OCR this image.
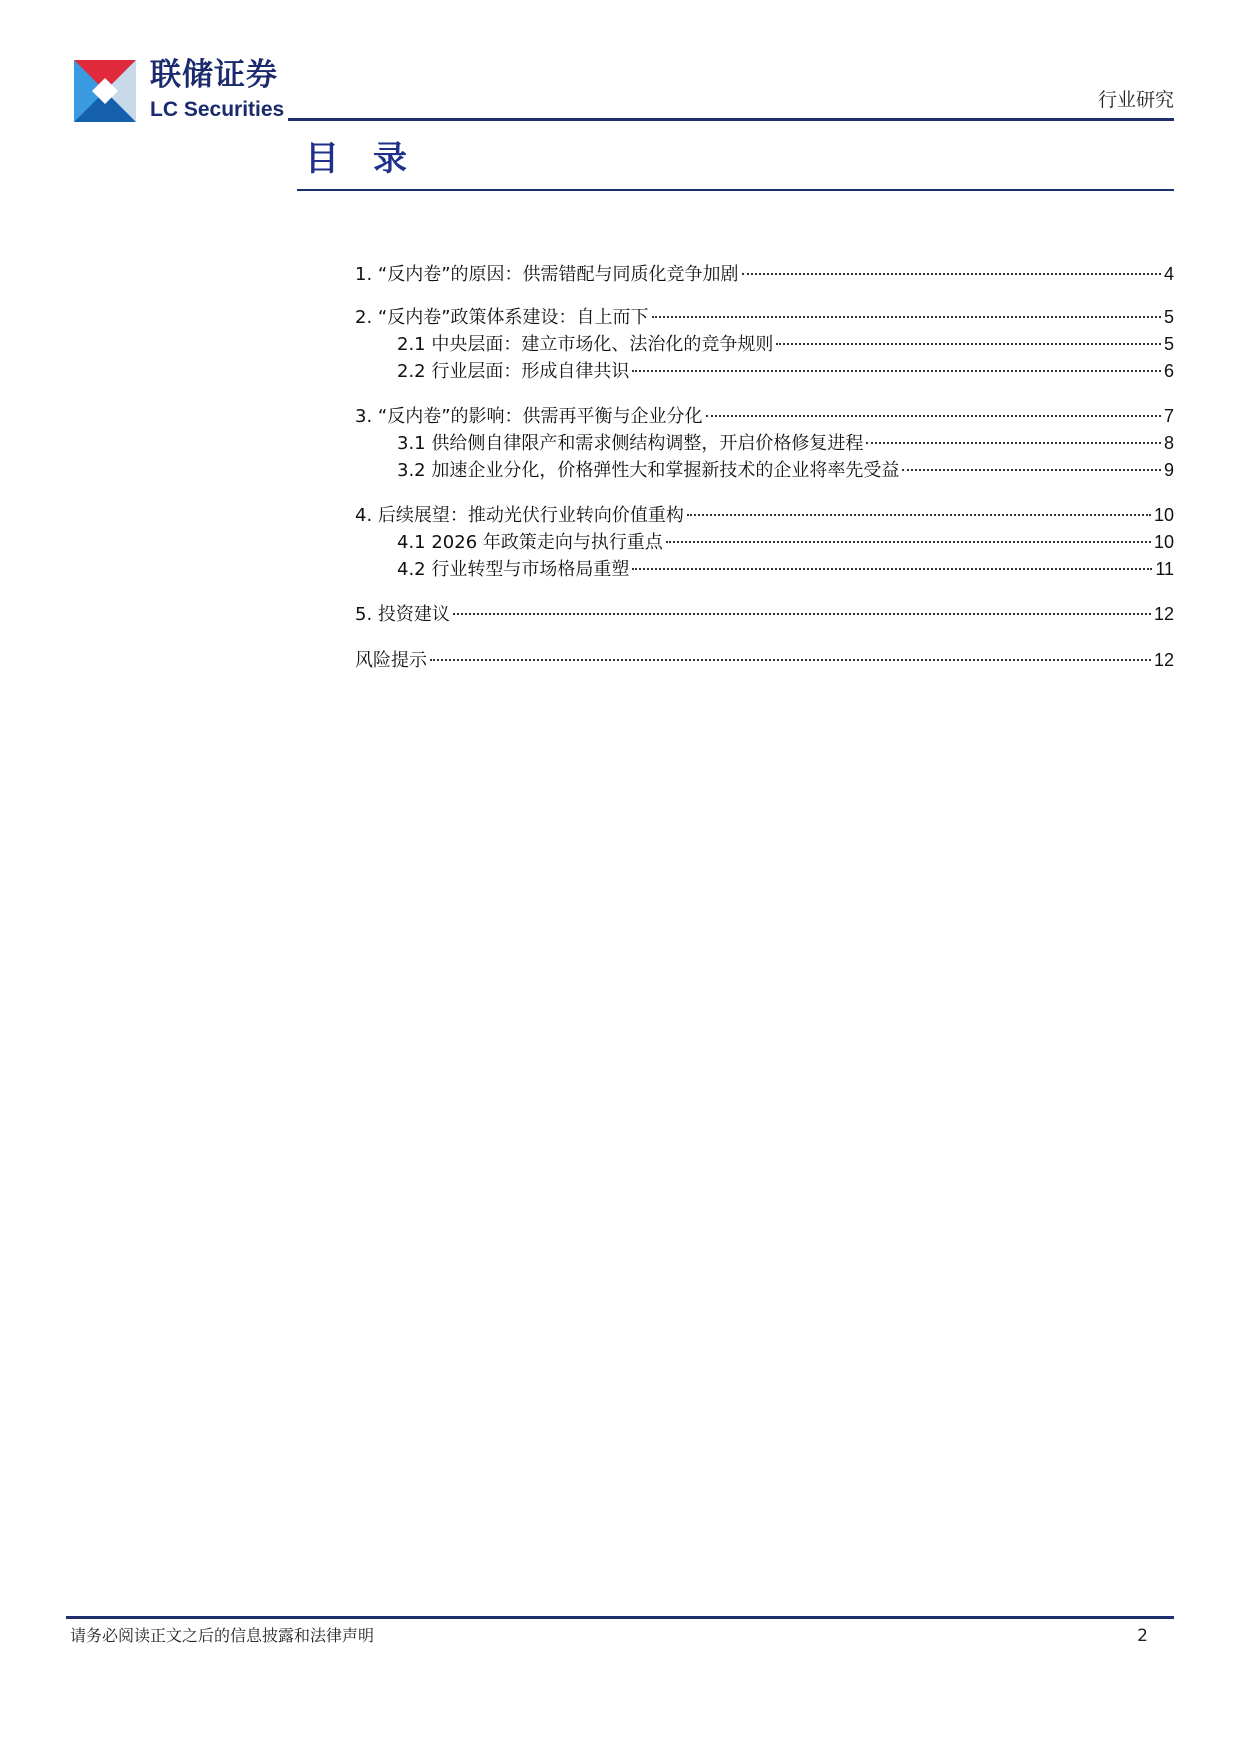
联储证券
LC Securities	行业研究
目录
1. “反内卷”的原因：供需错配与同质化竞争加剧	4
2. “反内卷”政策体系建设：自上而下	5
2.1 中央层面：建立市场化、法治化的竞争规则	5
2.2 行业层面：形成自律共识	6
3. “反内卷”的影响：供需再平衡与企业分化	7
3.1 供给侧自律限产和需求侧结构调整，开启价格修复进程	8
3.2 加速企业分化，价格弹性大和掌握新技术的企业将率先受益	9
4. 后续展望：推动光伏行业转向价值重构	10
4.1 2026 年政策走向与执行重点	10
4.2 行业转型与市场格局重塑	11
5. 投资建议	12
风险提示	12
请务必阅读正文之后的信息披露和法律声明	2
